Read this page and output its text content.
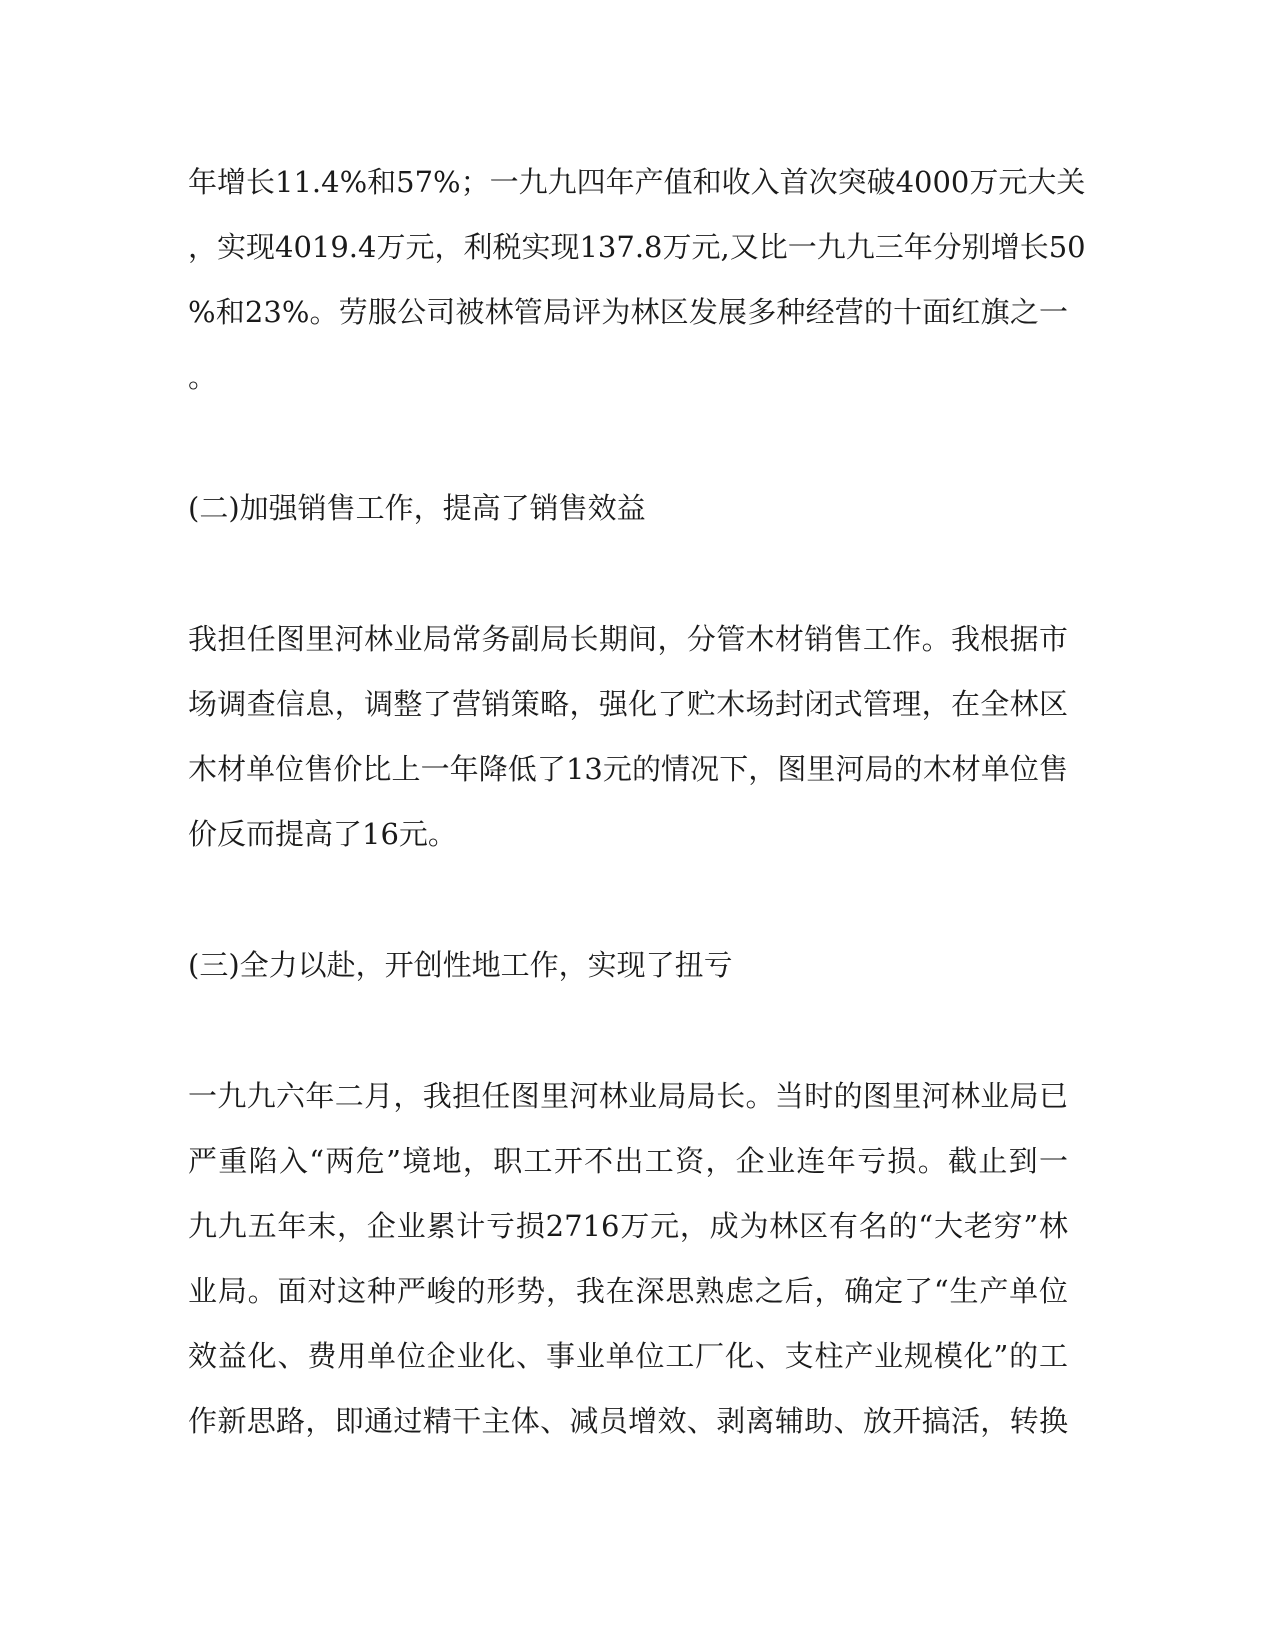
年增长11.4%和57%；一九九四年产值和收入首次突破4000万元大关
，实现4019.4万元，利税实现137.8万元,又比一九九三年分别增长50
%和23%。劳服公司被林管局评为林区发展多种经营的十面红旗之一
。
(二)加强销售工作，提高了销售效益
我担任图里河林业局常务副局长期间，分管木材销售工作。我根据市
场调查信息，调整了营销策略，强化了贮木场封闭式管理，在全林区
木材单位售价比上一年降低了13元的情况下，图里河局的木材单位售
价反而提高了16元。
(三)全力以赴，开创性地工作，实现了扭亏
一九九六年二月，我担任图里河林业局局长。当时的图里河林业局已
严重陷入“两危”境地，职工开不出工资，企业连年亏损。截止到一
九九五年末，企业累计亏损2716万元，成为林区有名的“大老穷”林
业局。面对这种严峻的形势，我在深思熟虑之后，确定了“生产单位
效益化、费用单位企业化、事业单位工厂化、支柱产业规模化”的工
作新思路，即通过精干主体、减员增效、剥离辅助、放开搞活，转换
